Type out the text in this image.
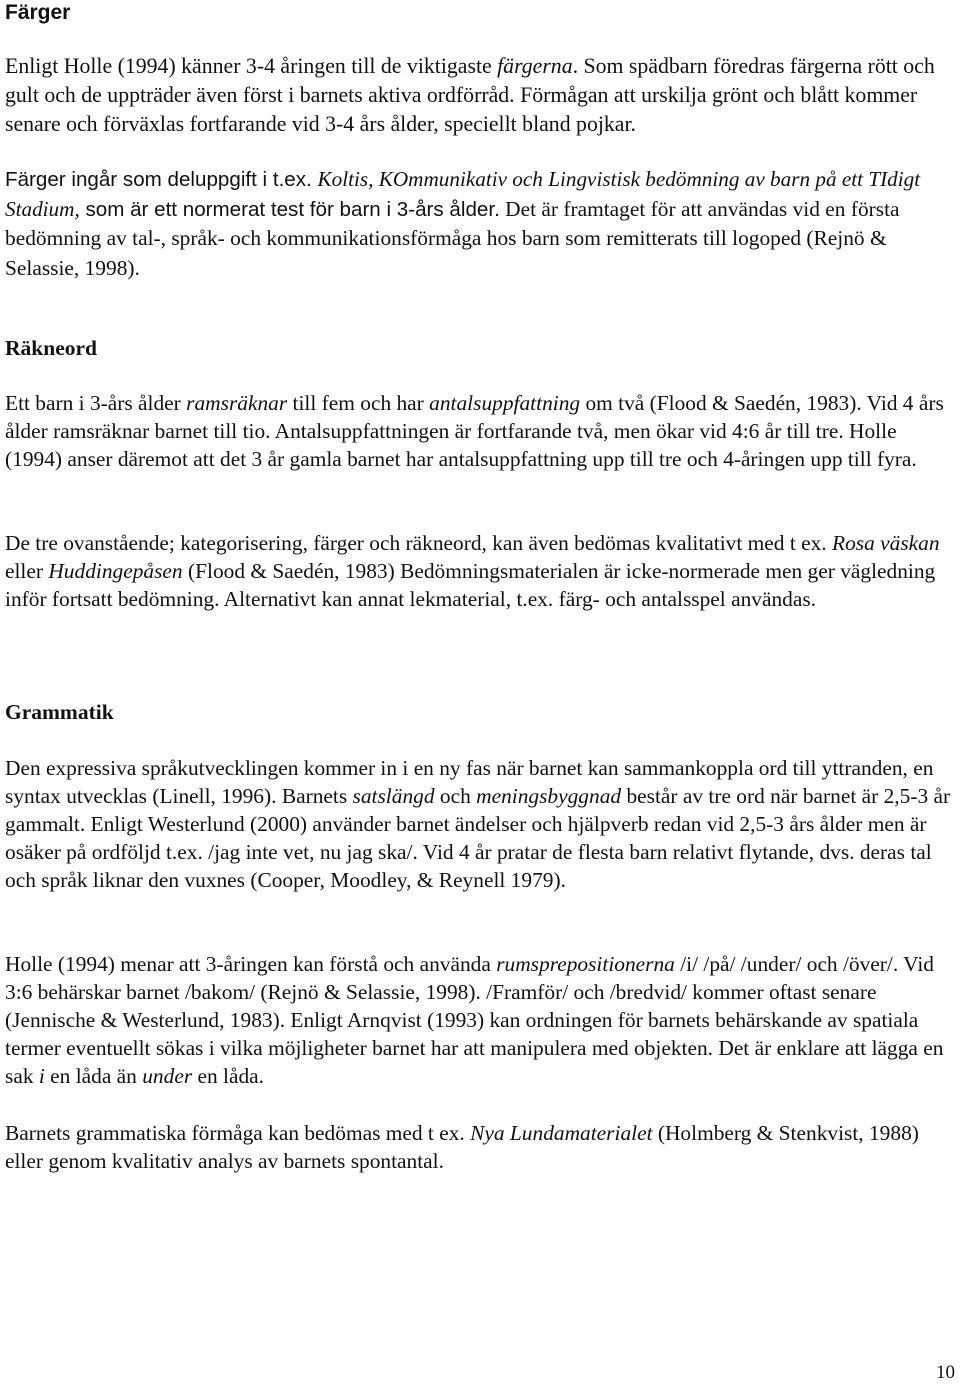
Färger

Enligt Holle (1994) känner 3-4 åringen till de viktigaste färgerna. Som spädbarn föredras färgerna rött och gult och de uppträder även först i barnets aktiva ordförråd. Förmågan att urskilja grönt och blått kommer senare och förväxlas fortfarande vid 3-4 års ålder, speciellt bland pojkar.

Färger ingår som deluppgift i t.ex. Koltis, KOmmunikativ och Lingvistisk bedömning av barn på ett TIdigt Stadium, som är ett normerat test för barn i 3-års ålder. Det är framtaget för att användas vid en första bedömning av tal-, språk- och kommunikationsförmåga hos barn som remitterats till logoped (Rejnö & Selassie, 1998).

Räkneord

Ett barn i 3-års ålder ramsräknar till fem och har antalsuppfattning om två (Flood & Saedén, 1983). Vid 4 års ålder ramsräknar barnet till tio. Antalsuppfattningen är fortfarande två, men ökar vid 4:6 år till tre. Holle (1994) anser däremot att det 3 år gamla barnet har antalsuppfattning upp till tre och 4-åringen upp till fyra.

De tre ovanstående; kategorisering, färger och räkneord, kan även bedömas kvalitativt med t ex. Rosa väskan eller Huddingepåsen (Flood & Saedén, 1983) Bedömningsmaterialen är icke-normerade men ger vägledning inför fortsatt bedömning. Alternativt kan annat lekmaterial, t.ex. färg- och antalsspel användas.

Grammatik

Den expressiva språkutvecklingen kommer in i en ny fas när barnet kan sammankoppla ord till yttranden, en syntax utvecklas (Linell, 1996). Barnets satslängd och meningsbyggnad består av tre ord när barnet är 2,5-3 år gammalt. Enligt Westerlund (2000) använder barnet ändelser och hjälpverb redan vid 2,5-3 års ålder men är osäker på ordföljd t.ex. /jag inte vet, nu jag ska/. Vid 4 år pratar de flesta barn relativt flytande, dvs. deras tal och språk liknar den vuxnes (Cooper, Moodley, & Reynell 1979).

Holle (1994) menar att 3-åringen kan förstå och använda rumsprepositionerna /i/ /på/ /under/ och /över/. Vid 3:6 behärskar barnet /bakom/ (Rejnö & Selassie, 1998). /Framför/ och /bredvid/ kommer oftast senare (Jennische & Westerlund, 1983). Enligt Arnqvist (1993) kan ordningen för barnets behärskande av spatiala termer eventuellt sökas i vilka möjligheter barnet har att manipulera med objekten. Det är enklare att lägga en sak i en låda än under en låda.

Barnets grammatiska förmåga kan bedömas med t ex. Nya Lundamaterialet (Holmberg & Stenkvist, 1988) eller genom kvalitativ analys av barnets spontantal.

10
